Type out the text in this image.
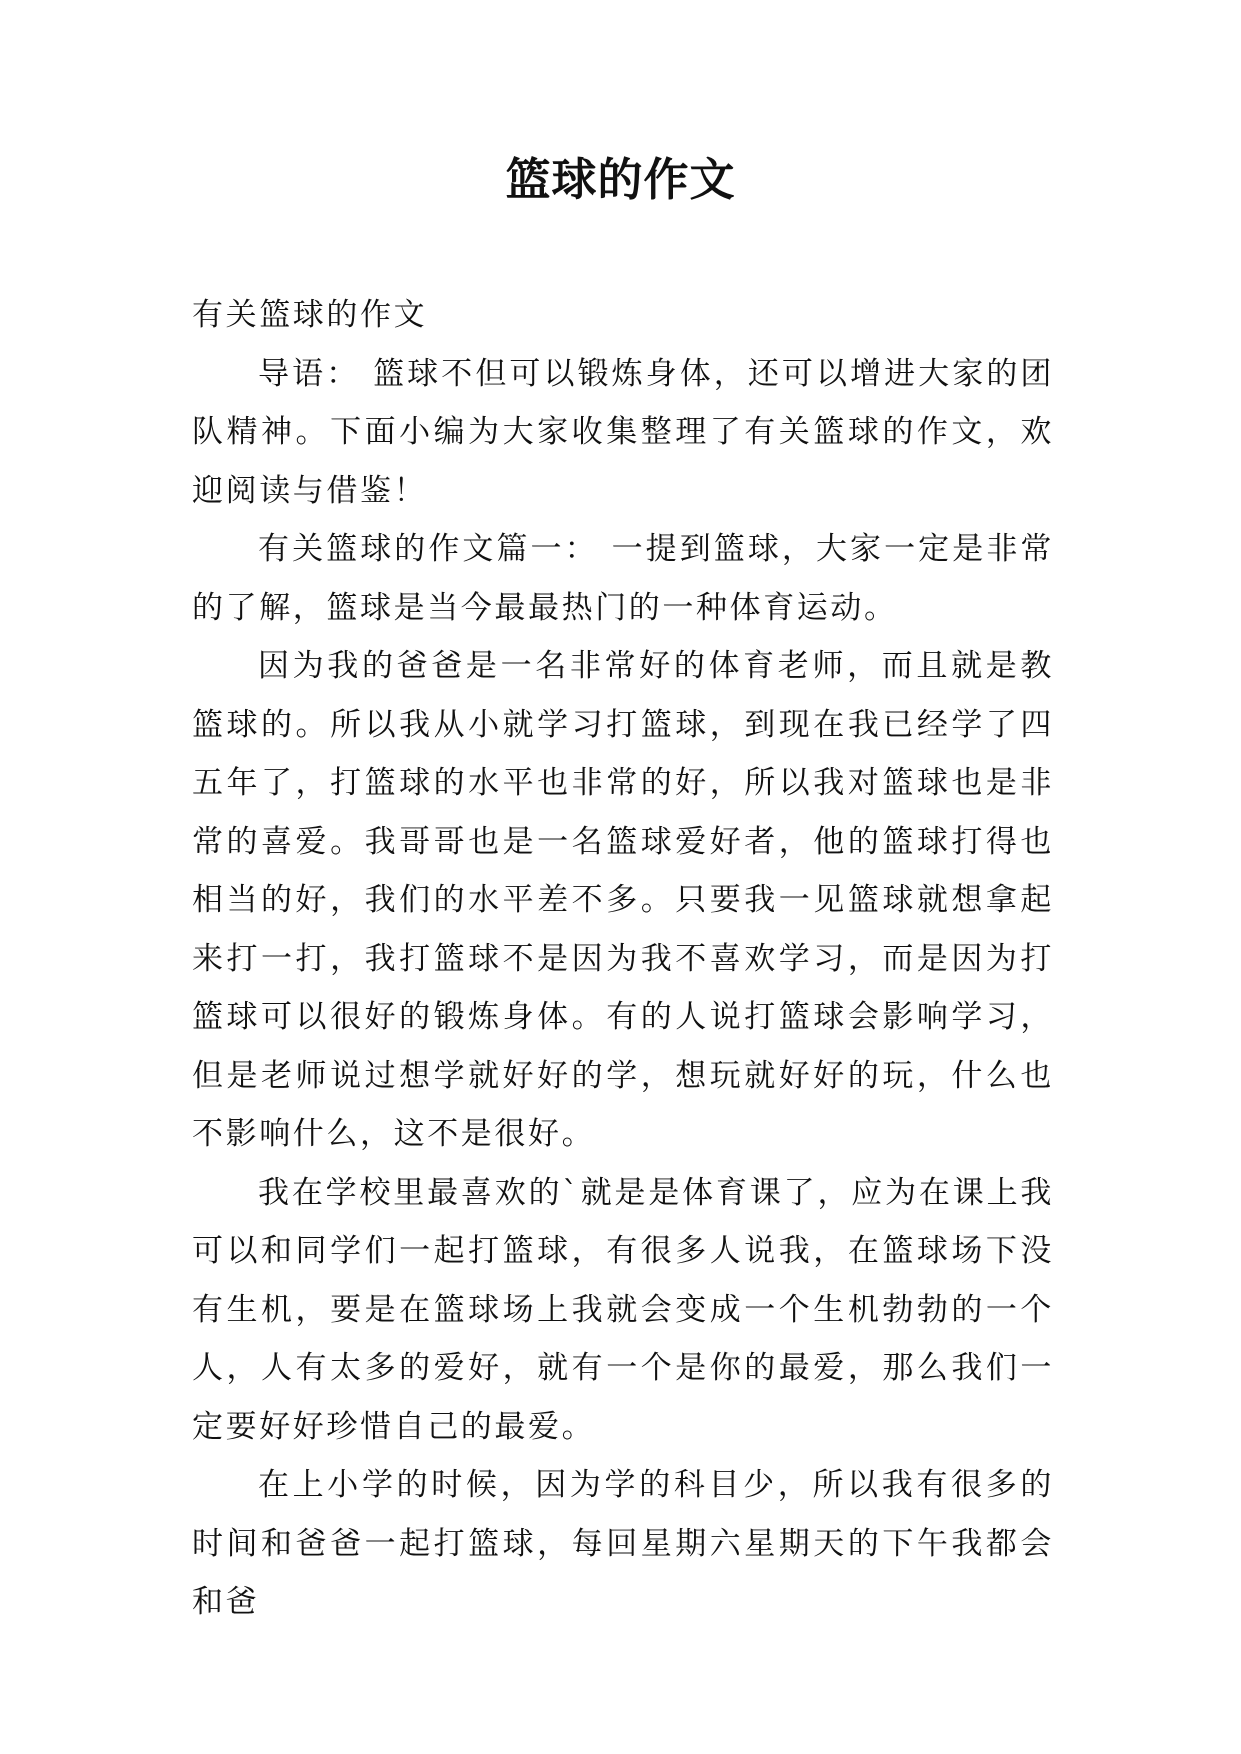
篮球的作文

有关篮球的作文

导语： 篮球不但可以锻炼身体，还可以增进大家的团队精神。下面小编为大家收集整理了有关篮球的作文，欢迎阅读与借鉴！

有关篮球的作文篇一： 一提到篮球，大家一定是非常的了解，篮球是当今最最热门的一种体育运动。

因为我的爸爸是一名非常好的体育老师，而且就是教篮球的。所以我从小就学习打篮球，到现在我已经学了四五年了，打篮球的水平也非常的好，所以我对篮球也是非常的喜爱。我哥哥也是一名篮球爱好者，他的篮球打得也相当的好，我们的水平差不多。只要我一见篮球就想拿起来打一打，我打篮球不是因为我不喜欢学习，而是因为打篮球可以很好的锻炼身体。有的人说打篮球会影响学习，但是老师说过想学就好好的学，想玩就好好的玩，什么也不影响什么，这不是很好。

我在学校里最喜欢的`就是是体育课了，应为在课上我可以和同学们一起打篮球，有很多人说我，在篮球场下没有生机，要是在篮球场上我就会变成一个生机勃勃的一个人，人有太多的爱好，就有一个是你的最爱，那么我们一定要好好珍惜自己的最爱。

在上小学的时候，因为学的科目少，所以我有很多的时间和爸爸一起打篮球，每回星期六星期天的下午我都会和爸
